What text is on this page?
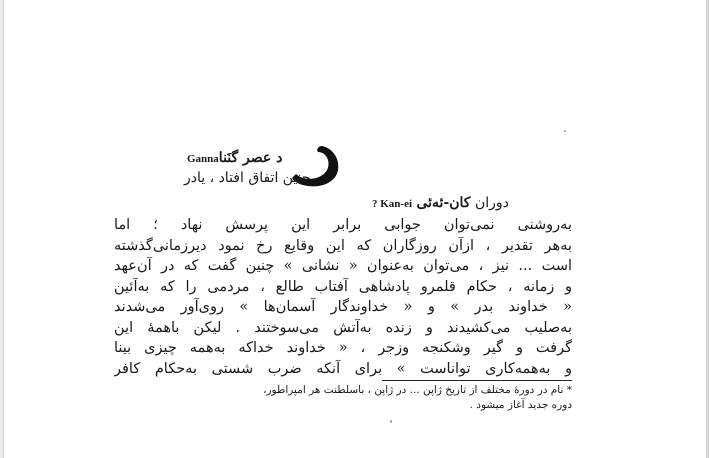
د عصر گنَناGanna
چنین اتفاق افتاد ، یادر
دوران کان-ئەئی Kan-ei ?
بەروشنی نمی‌توان جوابی برابر این پرسش نهاد ؛ اما
بەهر تقدیر ، ازآن روزگاران که این وقایع رخ نمود دیرزمانی‌گذشته
است ... نیز ، می‌توان بەعنوان « نشانی » چنین گفت که در آن‌عهد
و زمانه ، حکام قلمرو پادشاهی آفتاب طالع ، مردمی را که بەآئین
« خداوند بدر » و « خداوندگار آسمان‌ها » روی‌آور می‌شدند
بەصلیب می‌کشیدند و زنده بەآتش می‌سوختند . لیکن باهمهٔ این
گرفت و گیر وشکنجه وزجر ، « خداوند خداکه بەهمه چیزی بینا
و بەهمه‌کاری تواناست » برای آنکه ضرب شستی بەحکام کافر
* نام در دورهٔ مختلف از تاریخ ژاپن ... در ژاپن ، باسلطنت هر امپراطور،
دوره جدید آغاز میشود .
